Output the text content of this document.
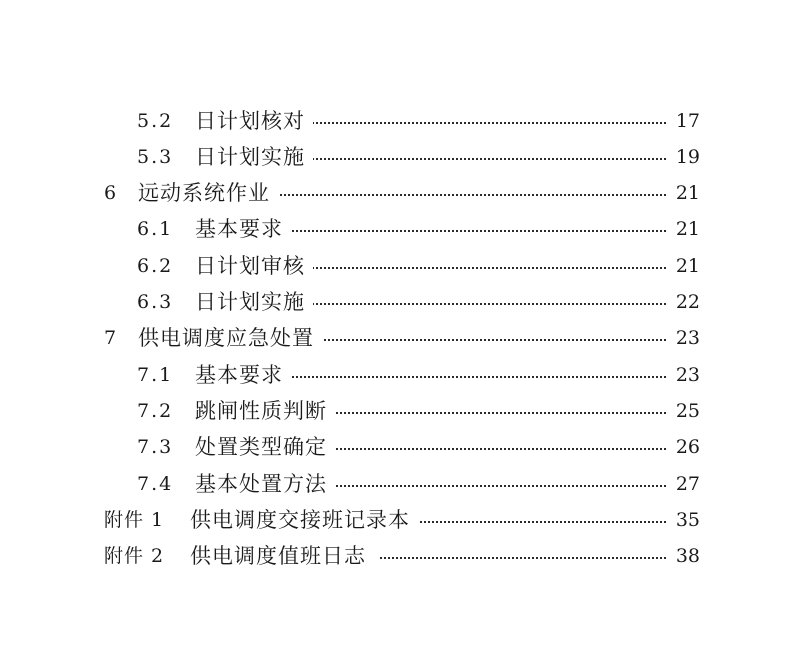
5.2	日计划核对	17
5.3	日计划实施	19
6 远动系统作业	21
6.1	基本要求	21
6.2	日计划审核	21
6.3	日计划实施	22
7 供电调度应急处置	23
7.1	基本要求	23
7.2	跳闸性质判断	25
7.3	处置类型确定	26
7.4	基本处置方法	27
附件 1	供电调度交接班记录本	35
附件 2	供电调度值班日志	38
